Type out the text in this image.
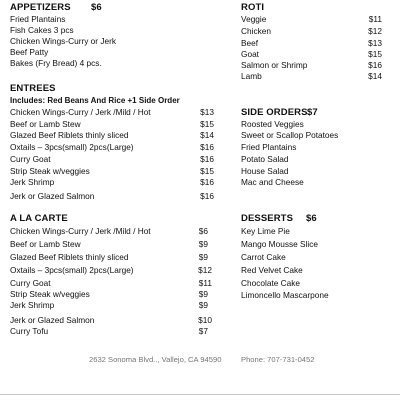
APPETIZERS $6
Fried Plantains
Fish Cakes 3 pcs
Chicken Wings-Curry or Jerk
Beef Patty
Bakes (Fry Bread) 4 pcs.
ROTI
Veggie	$11
Chicken	$12
Beef	$13
Goat	$15
Salmon or Shrimp	$16
Lamb	$14
ENTREES
Includes: Red Beans And Rice +1 Side Order
Chicken Wings-Curry / Jerk /Mild / Hot	$13
Beef or Lamb Stew	$15
Glazed Beef Riblets thinly sliced	$14
Oxtails – 3pcs(small) 2pcs(Large)	$16
Curry Goat	$16
Strip Steak w/veggies	$15
Jerk Shrimp	$16
Jerk or Glazed Salmon	$16
SIDE ORDERS $7
Roosted Veggies
Sweet or Scallop Potatoes
Fried Plantains
Potato Salad
House Salad
Mac and Cheese
A LA CARTE
Chicken Wings-Curry / Jerk /Mild / Hot	$6
Beef or Lamb Stew	$9
Glazed Beef Riblets thinly sliced	$9
Oxtails – 3pcs(small) 2pcs(Large)	$12
Curry Goat	$11
Strip Steak w/veggies	$9
Jerk Shrimp	$9
Jerk or Glazed Salmon	$10
Curry Tofu	$7
DESSERTS $6
Key Lime Pie
Mango Mousse Slice
Carrot Cake
Red Velvet Cake
Chocolate Cake
Limoncello Mascarpone
2632 Sonoma Blvd.., Vallejo, CA 94590	Phone: 707-731-0452
